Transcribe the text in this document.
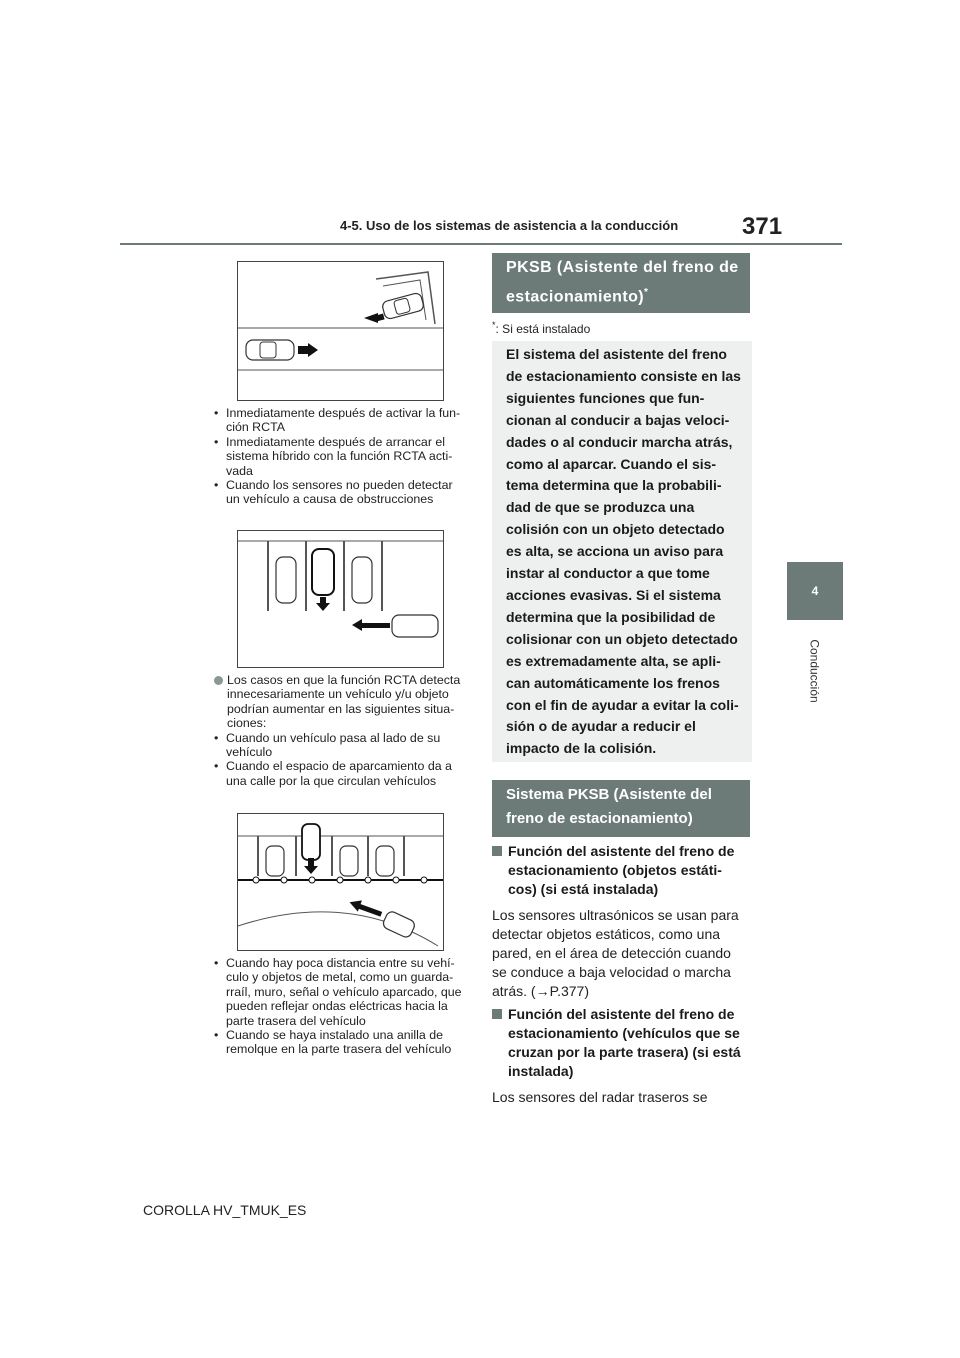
4-5. Uso de los sistemas de asistencia a la conducción	371
4
Conducción
• Inmediatamente después de activar la fun-ción RCTA
• Inmediatamente después de arrancar el sistema híbrido con la función RCTA acti-vada
• Cuando los sensores no pueden detectar un vehículo a causa de obstrucciones
Los casos en que la función RCTA detecta innecesariamente un vehículo y/u objeto podrían aumentar en las siguientes situa-ciones:
• Cuando un vehículo pasa al lado de su vehículo
• Cuando el espacio de aparcamiento da a una calle por la que circulan vehículos
• Cuando hay poca distancia entre su vehí-culo y objetos de metal, como un guarda-rraíl, muro, señal o vehículo aparcado, que pueden reflejar ondas eléctricas hacia la parte trasera del vehículo
• Cuando se haya instalado una anilla de remolque en la parte trasera del vehículo
PKSB (Asistente del freno de estacionamiento)*
*: Si está instalado
El sistema del asistente del freno de estacionamiento consiste en las siguientes funciones que fun-cionan al conducir a bajas veloci-dades o al conducir marcha atrás, como al aparcar. Cuando el sis-tema determina que la probabili-dad de que se produzca una colisión con un objeto detectado es alta, se acciona un aviso para instar al conductor a que tome acciones evasivas. Si el sistema determina que la posibilidad de colisionar con un objeto detectado es extremadamente alta, se apli-can automáticamente los frenos con el fin de ayudar a evitar la coli-sión o de ayudar a reducir el impacto de la colisión.
Sistema PKSB (Asistente del freno de estacionamiento)
Función del asistente del freno de estacionamiento (objetos estáti-cos) (si está instalada)
Los sensores ultrasónicos se usan para detectar objetos estáticos, como una pared, en el área de detección cuando se conduce a baja velocidad o marcha atrás. (→P.377)
Función del asistente del freno de estacionamiento (vehículos que se cruzan por la parte trasera) (si está instalada)
Los sensores del radar traseros se
COROLLA HV_TMUK_ES
